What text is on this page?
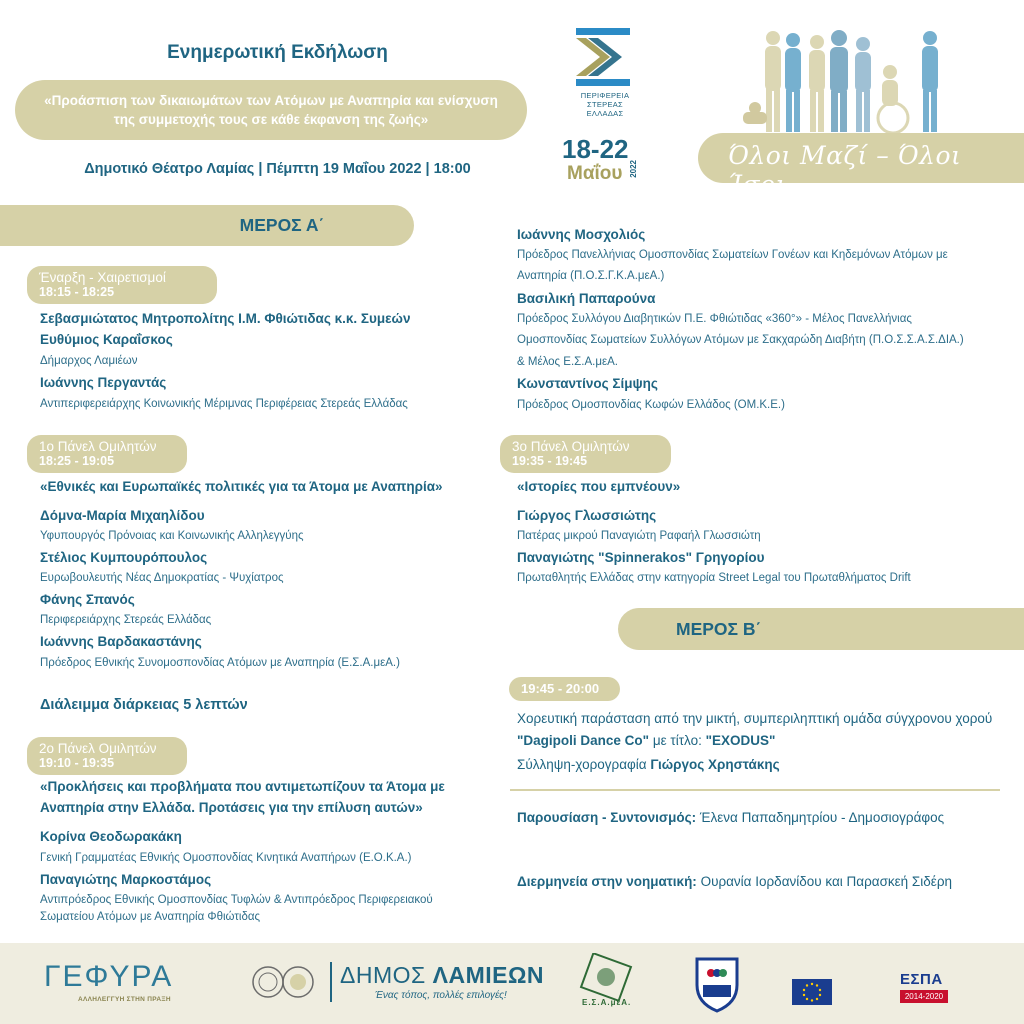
Ενημερωτική Εκδήλωση
«Προάσπιση των δικαιωμάτων των Ατόμων με Αναπηρία και ενίσχυση
της συμμετοχής τους σε κάθε έκφανση της ζωής»
Δημοτικό Θέατρο Λαμίας | Πέμπτη 19 Μαΐου 2022 | 18:00
ΠΕΡΙΦΕΡΕΙΑ
ΣΤΕΡΕΑΣ
ΕΛΛΑΔΑΣ
18-22
Μαΐου 2022	Όλοι Μαζί – Όλοι Ίσοι
ΜΕΡΟΣ Α΄
Έναρξη - Χαιρετισμοί
18:15 - 18:25
Σεβασμιώτατος Μητροπολίτης Ι.Μ. Φθιώτιδας κ.κ. Συμεών
Ευθύμιος Καραΐσκος
Δήμαρχος Λαμιέων
Ιωάννης Περγαντάς
Αντιπεριφερειάρχης Κοινωνικής Μέριμνας Περιφέρειας Στερεάς Ελλάδας
1ο Πάνελ Ομιλητών
18:25 - 19:05
«Εθνικές και Ευρωπαϊκές πολιτικές για τα Άτομα με Αναπηρία»
Δόμνα-Μαρία Μιχαηλίδου
Υφυπουργός Πρόνοιας και Κοινωνικής Αλληλεγγύης
Στέλιος Κυμπουρόπουλος
Ευρωβουλευτής Νέας Δημοκρατίας - Ψυχίατρος
Φάνης Σπανός
Περιφερειάρχης Στερεάς Ελλάδας
Ιωάννης Βαρδακαστάνης
Πρόεδρος Εθνικής Συνομοσπονδίας Ατόμων με Αναπηρία (Ε.Σ.Α.μεΑ.)
Διάλειμμα διάρκειας 5 λεπτών
2ο Πάνελ Ομιλητών
19:10 - 19:35
«Προκλήσεις και προβλήματα που αντιμετωπίζουν τα Άτομα με
Αναπηρία στην Ελλάδα. Προτάσεις για την επίλυση αυτών»
Κορίνα Θεοδωρακάκη
Γενική Γραμματέας Εθνικής Ομοσπονδίας Κινητικά Αναπήρων (Ε.Ο.Κ.Α.)
Παναγιώτης Μαρκοστάμος
Αντιπρόεδρος Εθνικής Ομοσπονδίας Τυφλών & Αντιπρόεδρος Περιφερειακού
Σωματείου Ατόμων με Αναπηρία Φθιώτιδας
Ιωάννης Μοσχολιός
Πρόεδρος Πανελλήνιας Ομοσπονδίας Σωματείων Γονέων και Κηδεμόνων Ατόμων με
Αναπηρία (Π.Ο.Σ.Γ.Κ.Α.μεΑ.)
Βασιλική Παπαρούνα
Πρόεδρος Συλλόγου Διαβητικών Π.Ε. Φθιώτιδας «360°» - Μέλος Πανελλήνιας
Ομοσπονδίας Σωματείων Συλλόγων Ατόμων με Σακχαρώδη Διαβήτη (Π.Ο.Σ.Σ.Α.Σ.ΔΙΑ.)
& Μέλος Ε.Σ.Α.μεΑ.
Κωνσταντίνος Σίμψης
Πρόεδρος Ομοσπονδίας Κωφών Ελλάδος (ΟΜ.Κ.Ε.)
3ο Πάνελ Ομιλητών
19:35 - 19:45
«Ιστορίες που εμπνέουν»
Γιώργος Γλωσσιώτης
Πατέρας μικρού Παναγιώτη Ραφαήλ Γλωσσιώτη
Παναγιώτης "Spinnerakos" Γρηγορίου
Πρωταθλητής Ελλάδας στην κατηγορία Street Legal του Πρωταθλήματος Drift
ΜΕΡΟΣ Β΄
19:45 - 20:00
Χορευτική παράσταση από την μικτή, συμπεριληπτική ομάδα σύγχρονου χορού
"Dagipoli Dance Co" με τίτλο: "EXODUS"
Σύλληψη-χορογραφία Γιώργος Χρηστάκης
Παρουσίαση - Συντονισμός: Έλενα Παπαδημητρίου - Δημοσιογράφος
Διερμηνεία στην νοηματική: Ουρανία Ιορδανίδου και Παρασκεή Σιδέρη
ΓΕΦΥΡΑ
ΑΛΛΗΛΕΓΓΥΗ ΣΤΗΝ ΠΡΑΞΗ
ΔΗΜΟΣ ΛΑΜΙΕΩΝ
Ένας τόπος, πολλές επιλογές!
Ε.Σ.Α.μεΑ.
ΕΣΠΑ
2014-2020
